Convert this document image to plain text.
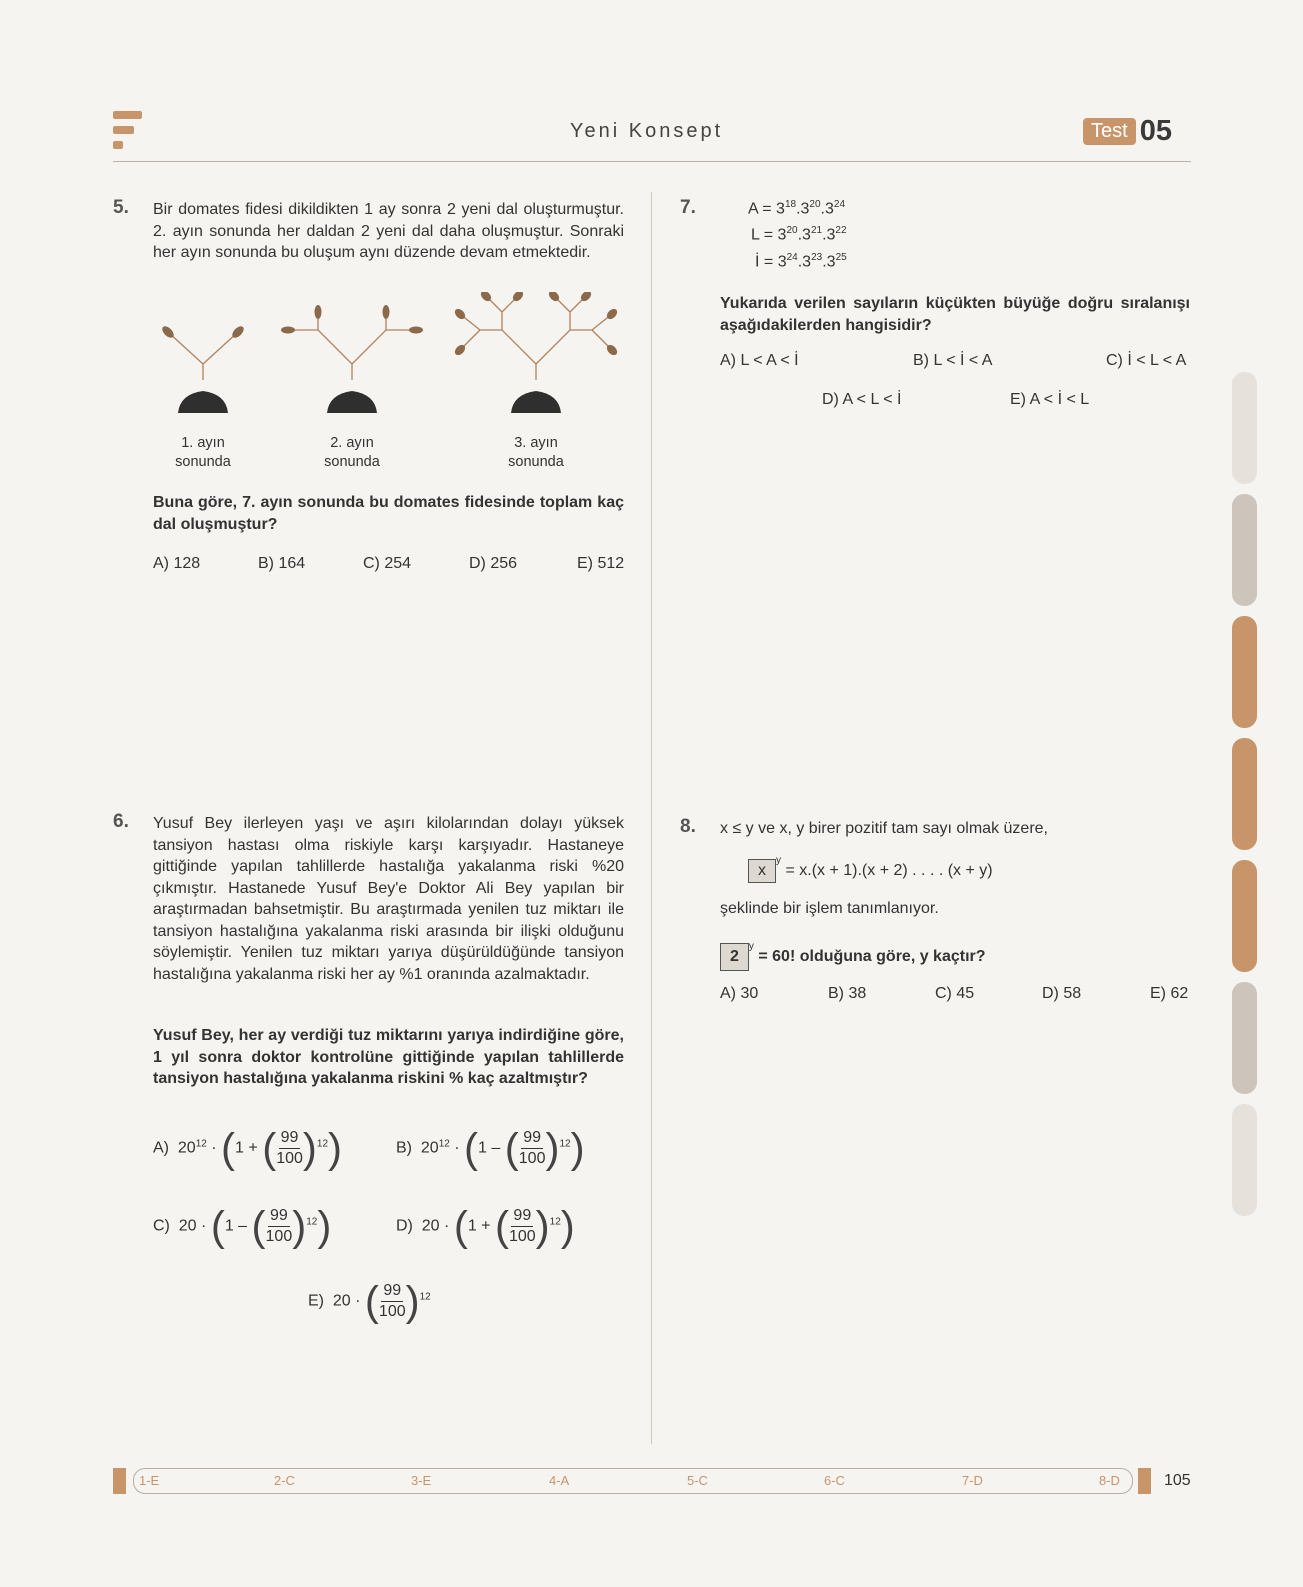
Yeni Konsept	Test 05
5. Bir domates fidesi dikildikten 1 ay sonra 2 yeni dal oluşturmuştur. 2. ayın sonunda her daldan 2 yeni dal daha oluşmuştur. Sonraki her ayın sonunda bu oluşum aynı düzende devam etmektedir.
1. ayın
sonunda
2. ayın
sonunda
3. ayın
sonunda
Buna göre, 7. ayın sonunda bu domates fidesinde toplam kaç dal oluşmuştur?
A) 128	B) 164	C) 254	D) 256	E) 512
6. Yusuf Bey ilerleyen yaşı ve aşırı kilolarından dolayı yüksek tansiyon hastası olma riskiyle karşı karşıyadır. Hastaneye gittiğinde yapılan tahlillerde hastalığa yakalanma riski %20 çıkmıştır. Hastanede Yusuf Bey'e Doktor Ali Bey yapılan bir araştırmadan bahsetmiştir. Bu araştırmada yenilen tuz miktarı ile tansiyon hastalığına yakalanma riski arasında bir ilişki olduğunu söylemiştir. Yenilen tuz miktarı yarıya düşürüldüğünde tansiyon hastalığına yakalanma riski her ay %1 oranında azalmaktadır.
Yusuf Bey, her ay verdiği tuz miktarını yarıya indirdiğine göre, 1 yıl sonra doktor kontrolüne gittiğinde yapılan tahlillerde tansiyon hastalığına yakalanma riskini % kaç azaltmıştır?
A) $20^{12} \cdot (1$ + ( $\frac{99}{100} )^{12}$)	B) $20^{12} \cdot (1$ – ( $\frac{99}{100} )^{12}$)
C) 20 · (1 – ( $\frac{99}{100} )^{12}$)	D) 20 · (1 + ( $\frac{99}{100} )^{12}$)
E) 20 · ( $\frac{99}{100} )^{12}$
7.	$A = 3^{18}.3^{20}.3^{24}$
$L = 3^{20}.3^{21}.3^{22}$
İ = $3^{24}.3^{23}.3^{25}$
Yukarıda verilen sayıların küçükten büyüğe doğru sıralanışı aşağıdakilerden hangisidir?
A) L < A < İ	B) L < İ < A	C) İ < L < A
D) A < L < İ	E) A < İ < L
8. x ≤ y ve x, y birer pozitif tam sayı olmak üzere,
$x^y = x.(x + 1).(x + 2)$ . . . . (x + y)
şeklinde bir işlem tanımlanıyor.
$2^y = 60$! olduğuna göre, y kaçtır?
A) 30	B) 38	C) 45	D) 58	E) 62
1-E	2-C	3-E	4-A	5-C	6-C	7-D	8-D	105
